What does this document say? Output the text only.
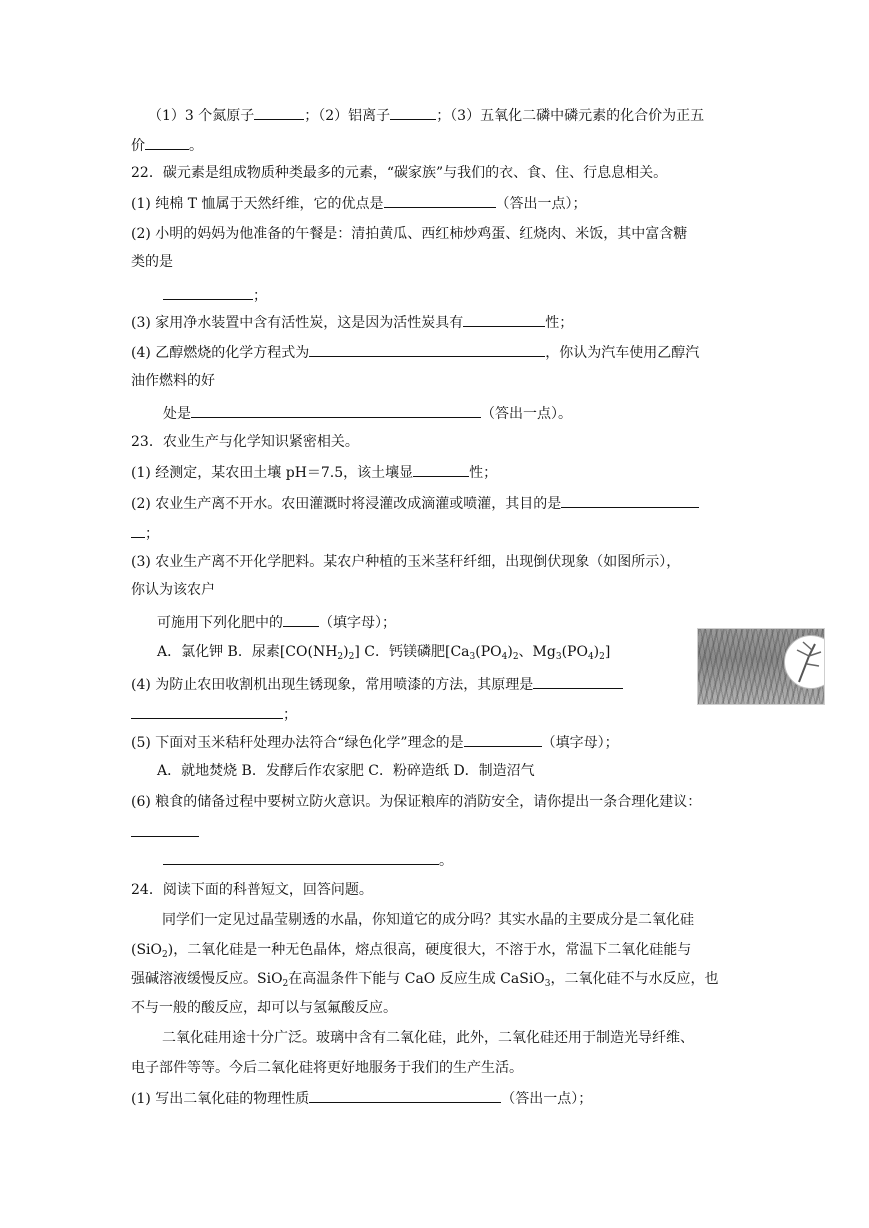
（1）3 个氮原子	；（2）铝离子	；（3）五氧化二磷中磷元素的化合价为正五
价	。
22．碳元素是组成物质种类最多的元素，“碳家族”与我们的衣、食、住、行息息相关。
(1) 纯棉 T 恤属于天然纤维，它的优点是	（答出一点）；
(2) 小明的妈妈为他准备的午餐是：清拍黄瓜、西红柿炒鸡蛋、红烧肉、米饭，其中富含糖
类的是
；
(3) 家用净水装置中含有活性炭，这是因为活性炭具有	性；
(4) 乙醇燃烧的化学方程式为	，你认为汽车使用乙醇汽
油作燃料的好
处是	（答出一点）。
23．农业生产与化学知识紧密相关。
(1) 经测定，某农田土壤 pH＝7.5，该土壤显	性；
(2) 农业生产离不开水。农田灌溉时将浸灌改成滴灌或喷灌，其目的是
；
(3) 农业生产离不开化学肥料。某农户种植的玉米茎秆纤细，出现倒伏现象（如图所示），
你认为该农户
可施用下列化肥中的	（填字母）；
A．氯化钾 B．尿素$[CO(NH_2)_2]$ C．钙镁磷肥[$Ca_3(PO_4)_2$、$Mg_3(PO_4)_2$]
(4) 为防止农田收割机出现生锈现象，常用喷漆的方法，其原理是
；
(5) 下面对玉米秸秆处理办法符合“绿色化学”理念的是	（填字母）；
A．就地焚烧 B．发酵后作农家肥 C．粉碎造纸 D．制造沼气
(6) 粮食的储备过程中要树立防火意识。为保证粮库的消防安全，请你提出一条合理化建议：
。
24．阅读下面的科普短文，回答问题。
同学们一定见过晶莹剔透的水晶，你知道它的成分吗？其实水晶的主要成分是二氧化硅
(SiO$_2$)，二氧化硅是一种无色晶体，熔点很高，硬度很大，不溶于水，常温下二氧化硅能与
强碱溶液缓慢反应。SiO$_2$在高温条件下能与 CaO 反应生成 CaSiO$_3$，二氧化硅不与水反应，也
不与一般的酸反应，却可以与氢氟酸反应。
二氧化硅用途十分广泛。玻璃中含有二氧化硅，此外，二氧化硅还用于制造光导纤维、
电子部件等等。今后二氧化硅将更好地服务于我们的生产生活。
(1) 写出二氧化硅的物理性质	（答出一点）；
